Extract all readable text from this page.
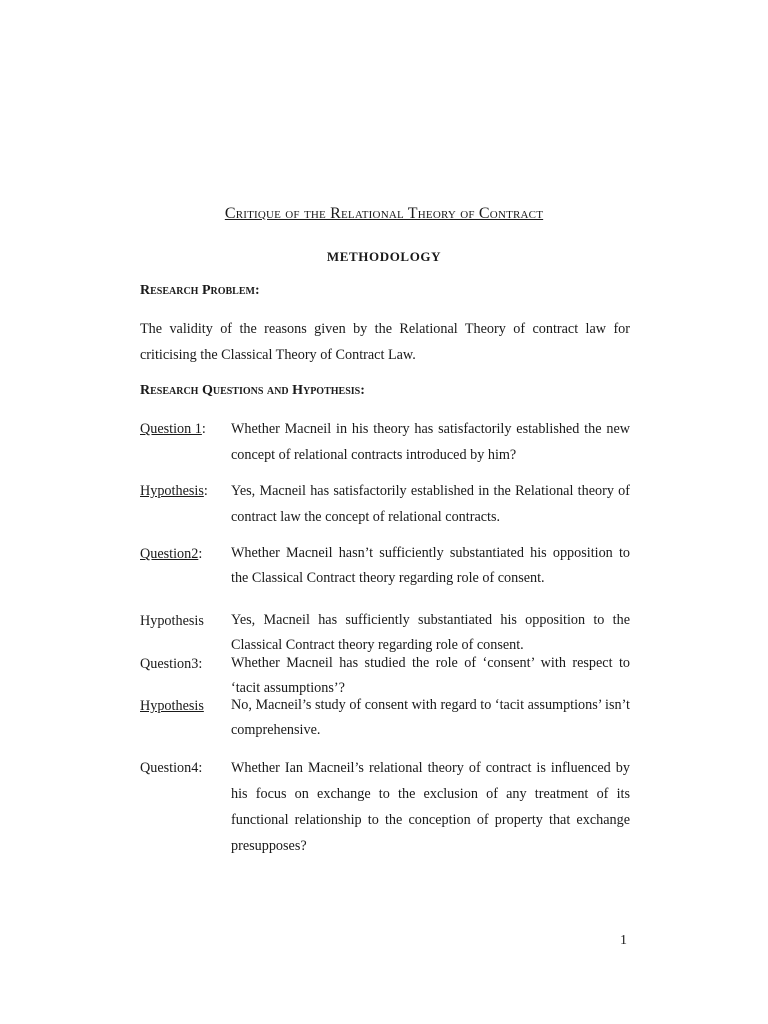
Critique of the Relational Theory of Contract
METHODOLOGY
Research Problem:
The validity of the reasons given by the Relational Theory of contract law for criticising the Classical Theory of Contract Law.
Research Questions and Hypothesis:
Question 1: Whether Macneil in his theory has satisfactorily established the new concept of relational contracts introduced by him?
Hypothesis: Yes, Macneil has satisfactorily established in the Relational theory of contract law the concept of relational contracts.
Question2: Whether Macneil hasn’t sufficiently substantiated his opposition to the Classical Contract theory regarding role of consent.
Hypothesis Yes, Macneil has sufficiently substantiated his opposition to the Classical Contract theory regarding role of consent.
Question3: Whether Macneil has studied the role of ‘consent’ with respect to ‘tacit assumptions’?
Hypothesis No, Macneil’s study of consent with regard to ‘tacit assumptions’ isn’t comprehensive.
Question4: Whether Ian Macneil’s relational theory of contract is influenced by his focus on exchange to the exclusion of any treatment of its functional relationship to the conception of property that exchange presupposes?
1
